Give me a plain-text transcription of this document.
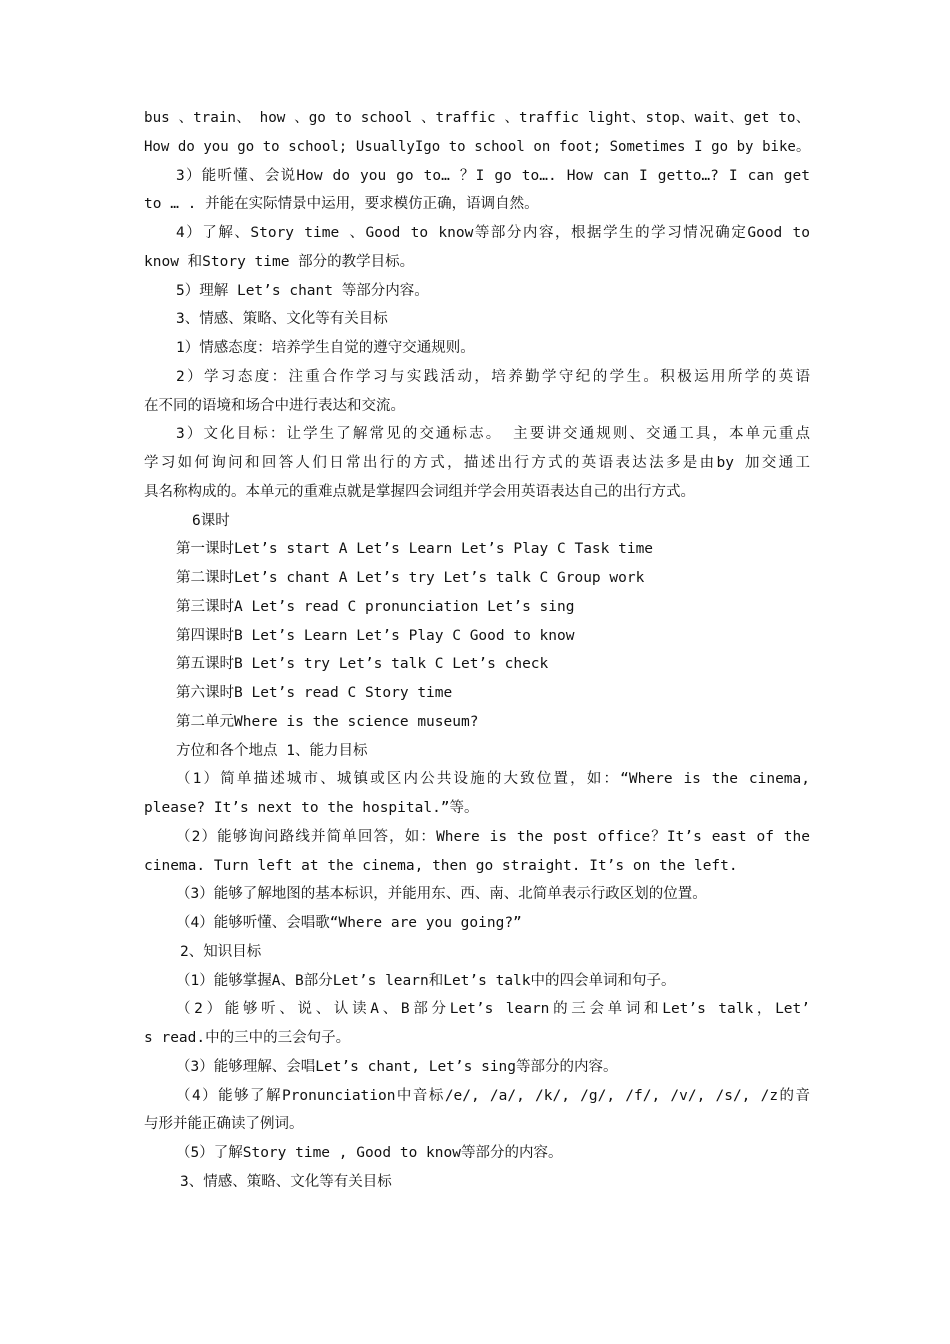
bus 、train、 how 、go to school 、traffic 、traffic light、stop、wait、get to、
How do you go to school; UsuallyIgo to school on foot; Sometimes I go by bike。
3）能听懂、会说How do you go to… ？I go to…. How can I getto…? I can get
to … . 并能在实际情景中运用，要求模仿正确，语调自然。
4）了解、Story time 、Good to know等部分内容，根据学生的学习情况确定Good to
know 和Story time 部分的教学目标。
5）理解 Let’s chant 等部分内容。
3、情感、策略、文化等有关目标
1）情感态度：培养学生自觉的遵守交通规则。
2）学习态度：注重合作学习与实践活动，培养勤学守纪的学生。积极运用所学的英语
在不同的语境和场合中进行表达和交流。
3）文化目标：让学生了解常见的交通标志。 主要讲交通规则、交通工具，本单元重点
学习如何询问和回答人们日常出行的方式，描述出行方式的英语表达法多是由by 加交通工
具名称构成的。本单元的重难点就是掌握四会词组并学会用英语表达自己的出行方式。
6课时
第一课时Let’s start A Let’s Learn Let’s Play C Task time
第二课时Let’s chant A Let’s try Let’s talk C Group work
第三课时A Let’s read C pronunciation Let’s sing
第四课时B Let’s Learn Let’s Play C Good to know
第五课时B Let’s try Let’s talk C Let’s check
第六课时B Let’s read C Story time
第二单元Where is the science museum?
方位和各个地点 1、能力目标
（1）简单描述城市、城镇或区内公共设施的大致位置，如：“Where is the cinema,
please? It’s next to the hospital.”等。
（2）能够询问路线并简单回答，如：Where is the post office？It’s east of the
cinema. Turn left at the cinema, then go straight. It’s on the left.
（3）能够了解地图的基本标识，并能用东、西、南、北简单表示行政区划的位置。
（4）能够听懂、会唱歌“Where are you going?”
2、知识目标
（1）能够掌握A、B部分Let’s learn和Let’s talk中的四会单词和句子。
（2）能够听、说、认读A、B部分Let’s learn的三会单词和Let’s talk，Let’
s read.中的三中的三会句子。
（3）能够理解、会唱Let’s chant, Let’s sing等部分的内容。
（4）能够了解Pronunciation中音标/e/, /a/, /k/, /g/, /f/, /v/, /s/, /z的音
与形并能正确读了例词。
（5）了解Story time , Good to know等部分的内容。
3、情感、策略、文化等有关目标
